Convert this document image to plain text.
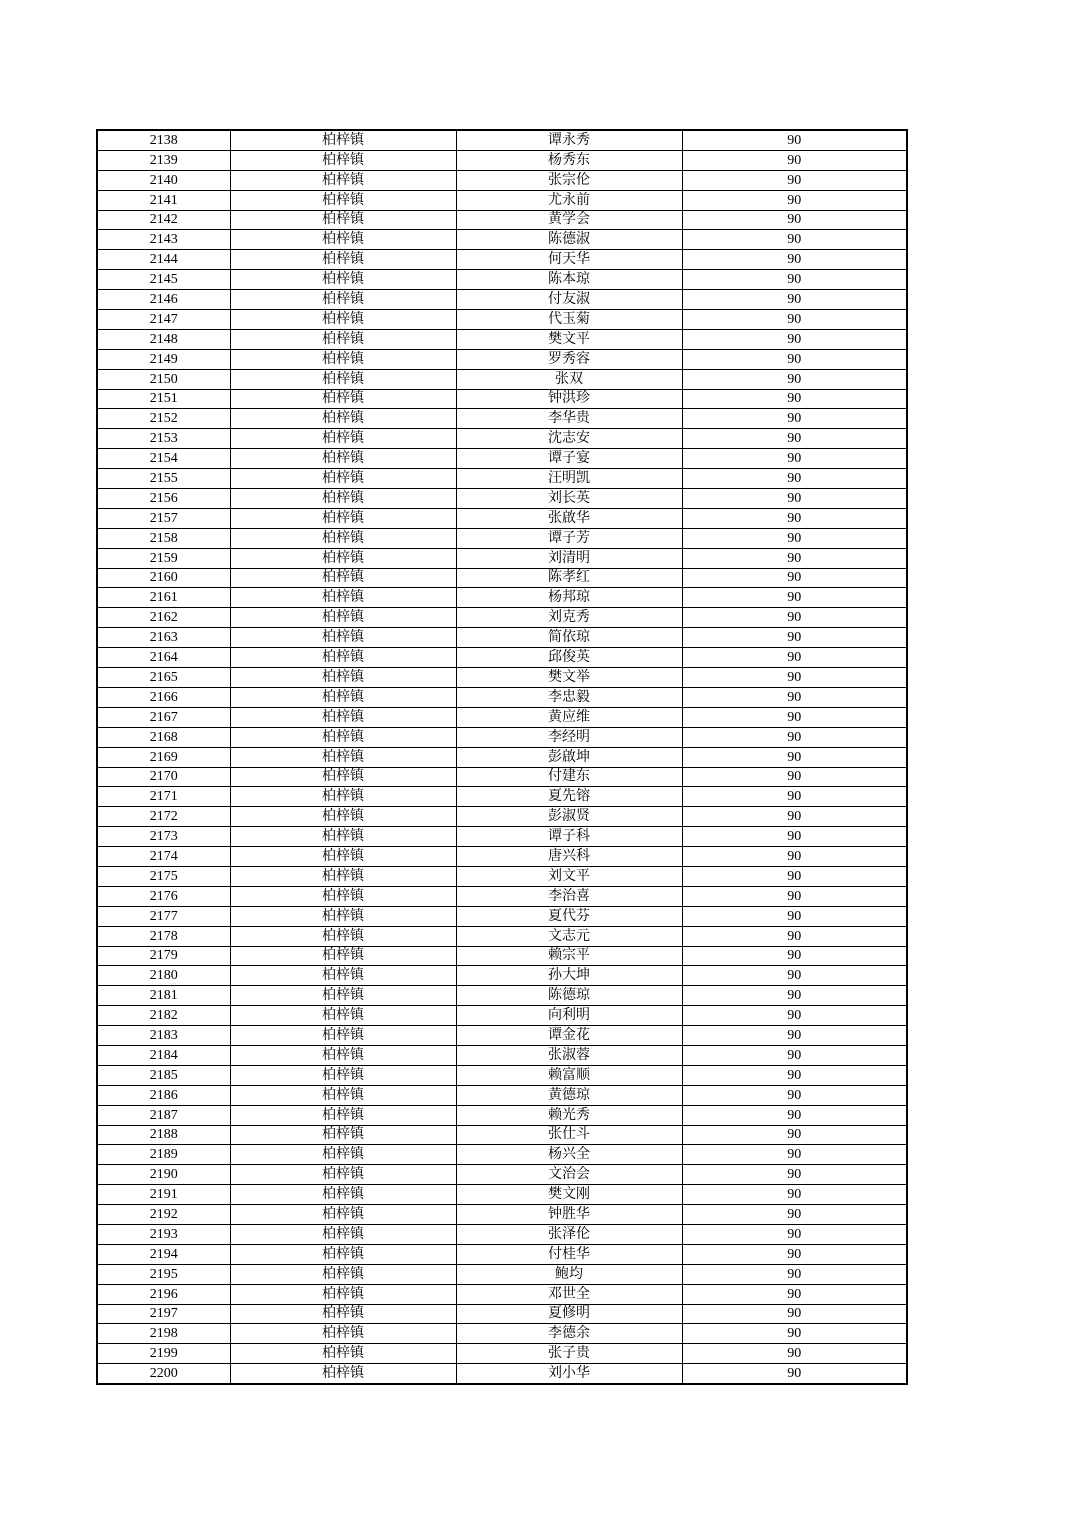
2138	柏梓镇	谭永秀	90
2139	柏梓镇	杨秀东	90
2140	柏梓镇	张宗伦	90
2141	柏梓镇	尤永前	90
2142	柏梓镇	黄学会	90
2143	柏梓镇	陈德淑	90
2144	柏梓镇	何天华	90
2145	柏梓镇	陈本琼	90
2146	柏梓镇	付友淑	90
2147	柏梓镇	代玉菊	90
2148	柏梓镇	樊文平	90
2149	柏梓镇	罗秀容	90
2150	柏梓镇	张双	90
2151	柏梓镇	钟洪珍	90
2152	柏梓镇	李华贵	90
2153	柏梓镇	沈志安	90
2154	柏梓镇	谭子宴	90
2155	柏梓镇	汪明凯	90
2156	柏梓镇	刘长英	90
2157	柏梓镇	张啟华	90
2158	柏梓镇	谭子芳	90
2159	柏梓镇	刘清明	90
2160	柏梓镇	陈孝红	90
2161	柏梓镇	杨邦琼	90
2162	柏梓镇	刘克秀	90
2163	柏梓镇	简依琼	90
2164	柏梓镇	邱俊英	90
2165	柏梓镇	樊文举	90
2166	柏梓镇	李忠毅	90
2167	柏梓镇	黄应维	90
2168	柏梓镇	李经明	90
2169	柏梓镇	彭啟坤	90
2170	柏梓镇	付建东	90
2171	柏梓镇	夏先镕	90
2172	柏梓镇	彭淑贤	90
2173	柏梓镇	谭子科	90
2174	柏梓镇	唐兴科	90
2175	柏梓镇	刘文平	90
2176	柏梓镇	李治喜	90
2177	柏梓镇	夏代芬	90
2178	柏梓镇	文志元	90
2179	柏梓镇	赖宗平	90
2180	柏梓镇	孙大坤	90
2181	柏梓镇	陈德琼	90
2182	柏梓镇	向利明	90
2183	柏梓镇	谭金花	90
2184	柏梓镇	张淑蓉	90
2185	柏梓镇	赖富顺	90
2186	柏梓镇	黄德琼	90
2187	柏梓镇	赖光秀	90
2188	柏梓镇	张仕斗	90
2189	柏梓镇	杨兴全	90
2190	柏梓镇	文治会	90
2191	柏梓镇	樊文刚	90
2192	柏梓镇	钟胜华	90
2193	柏梓镇	张泽伦	90
2194	柏梓镇	付桂华	90
2195	柏梓镇	鲍均	90
2196	柏梓镇	邓世全	90
2197	柏梓镇	夏修明	90
2198	柏梓镇	李德余	90
2199	柏梓镇	张子贵	90
2200	柏梓镇	刘小华	90
